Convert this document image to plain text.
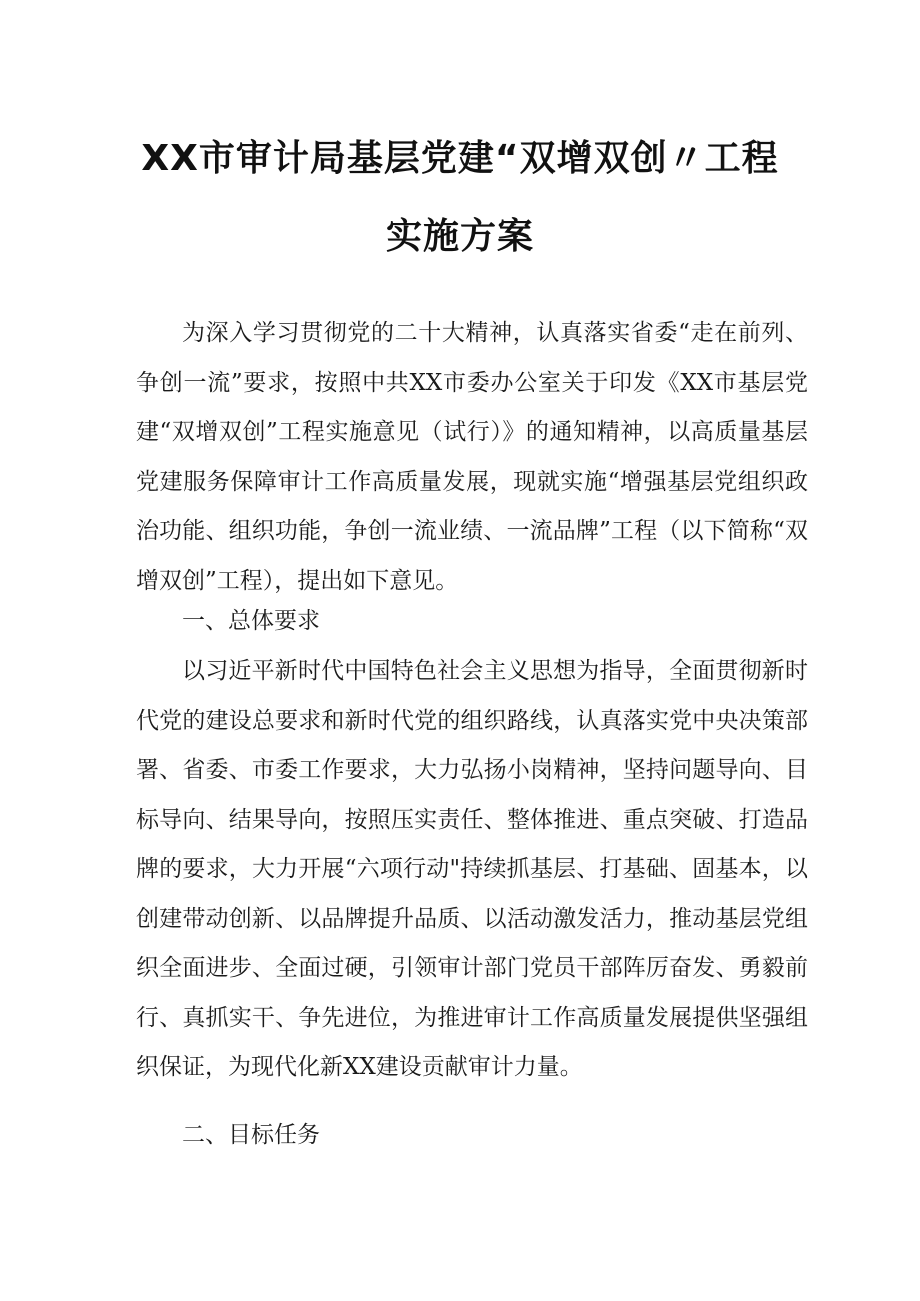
XX市审计局基层党建“双增双创〃工程
实施方案

为深入学习贯彻党的二十大精神，认真落实省委“走在前列、争创一流”要求，按照中共XX市委办公室关于印发《XX市基层党建“双增双创”工程实施意见（试行）》的通知精神，以高质量基层党建服务保障审计工作高质量发展，现就实施“增强基层党组织政治功能、组织功能，争创一流业绩、一流品牌”工程（以下简称“双增双创”工程），提出如下意见。

一、总体要求

以习近平新时代中国特色社会主义思想为指导，全面贯彻新时代党的建设总要求和新时代党的组织路线，认真落实党中央决策部署、省委、市委工作要求，大力弘扬小岗精神，坚持问题导向、目标导向、结果导向，按照压实责任、整体推进、重点突破、打造品牌的要求，大力开展“六项行动"持续抓基层、打基础、固基本，以创建带动创新、以品牌提升品质、以活动激发活力，推动基层党组织全面进步、全面过硬，引领审计部门党员干部阵厉奋发、勇毅前行、真抓实干、争先进位，为推进审计工作高质量发展提供坚强组织保证，为现代化新XX建设贡献审计力量。

二、目标任务
